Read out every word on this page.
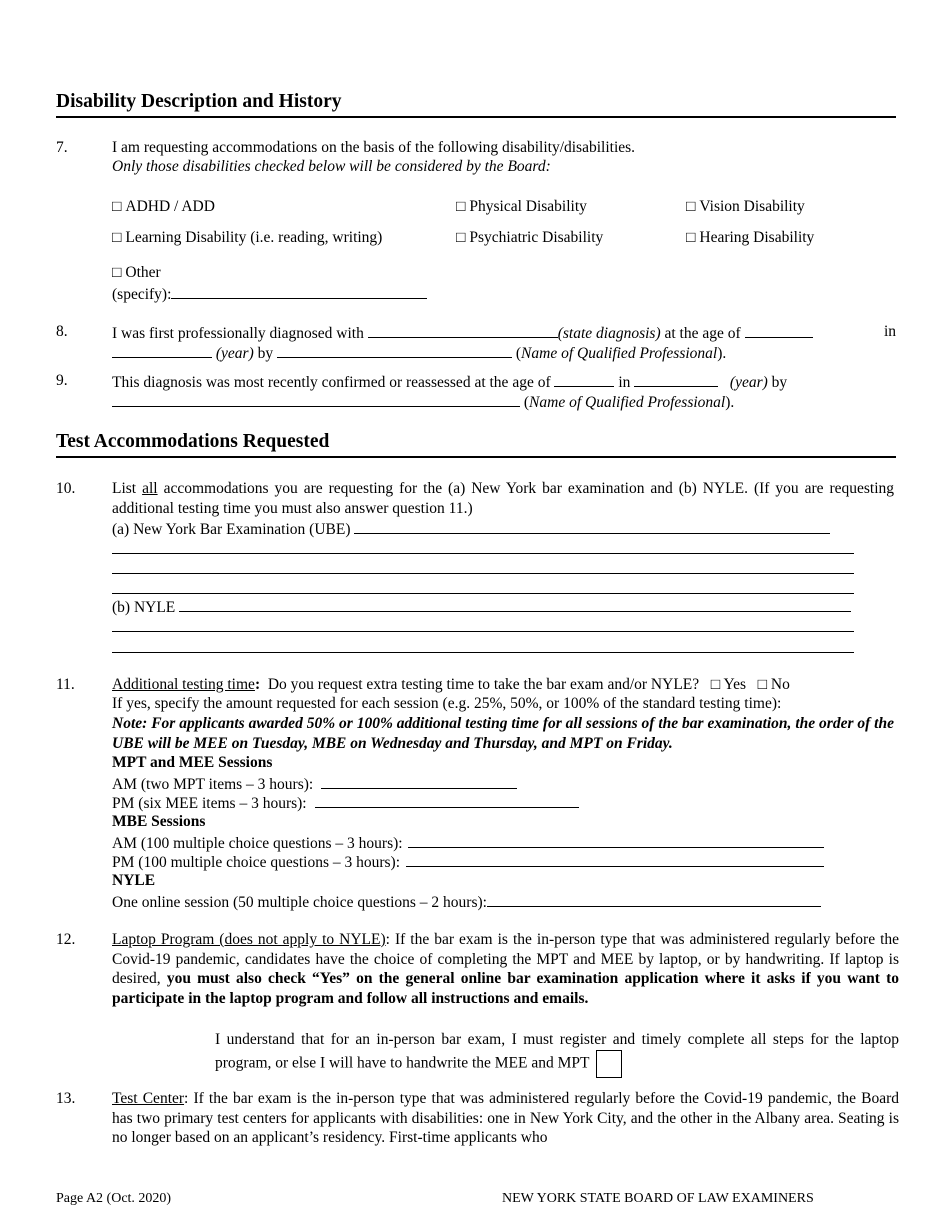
Disability Description and History
7.	I am requesting accommodations on the basis of the following disability/disabilities.
Only those disabilities checked below will be considered by the Board:
□ ADHD / ADD	□ Physical Disability	□ Vision Disability
□ Learning Disability (i.e. reading, writing)	□ Psychiatric Disability	□ Hearing Disability
□ Other
(specify):
8.	I was first professionally diagnosed with	(state diagnosis) at the age of	in
(year) by	(Name of Qualified Professional).
9.	This diagnosis was most recently confirmed or reassessed at the age of	in	(year) by
(Name of Qualified Professional).
Test Accommodations Requested
10. List all accommodations you are requesting for the (a) New York bar examination and (b) NYLE. (If you are requesting additional testing time you must also answer question 11.)
(a) New York Bar Examination (UBE)
(b) NYLE
11. Additional testing time: Do you request extra testing time to take the bar exam and/or NYLE? □ Yes □ No
If yes, specify the amount requested for each session (e.g. 25%, 50%, or 100% of the standard testing time):
Note: For applicants awarded 50% or 100% additional testing time for all sessions of the bar examination, the order of the UBE will be MEE on Tuesday, MBE on Wednesday and Thursday, and MPT on Friday.
MPT and MEE Sessions
AM (two MPT items – 3 hours):
PM (six MEE items – 3 hours):
MBE Sessions
AM (100 multiple choice questions – 3 hours):
PM (100 multiple choice questions – 3 hours):
NYLE
One online session (50 multiple choice questions – 2 hours):
12. Laptop Program (does not apply to NYLE): If the bar exam is the in-person type that was administered regularly before the Covid-19 pandemic, candidates have the choice of completing the MPT and MEE by laptop, or by handwriting. If laptop is desired, you must also check “Yes” on the general online bar examination application where it asks if you want to participate in the laptop program and follow all instructions and emails.
I understand that for an in-person bar exam, I must register and timely complete all steps for the laptop program, or else I will have to handwrite the MEE and MPT
13. Test Center: If the bar exam is the in-person type that was administered regularly before the Covid-19 pandemic, the Board has two primary test centers for applicants with disabilities: one in New York City, and the other in the Albany area. Seating is no longer based on an applicant’s residency. First-time applicants who
Page A2 (Oct. 2020)	NEW YORK STATE BOARD OF LAW EXAMINERS
